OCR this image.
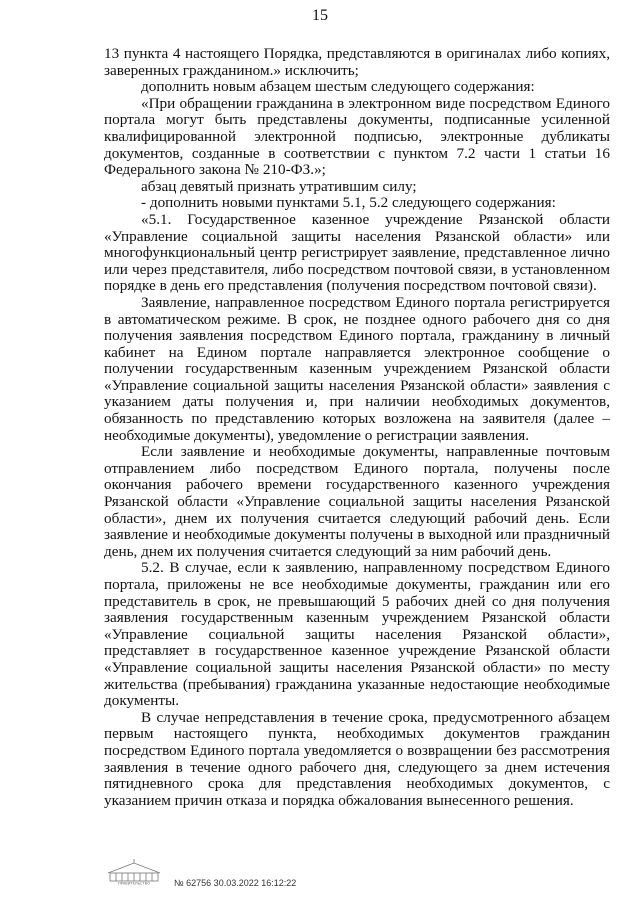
15

13 пункта 4 настоящего Порядка, представляются в оригиналах либо копиях, заверенных гражданином.» исключить;

дополнить новым абзацем шестым следующего содержания:

«При обращении гражданина в электронном виде посредством Единого портала могут быть представлены документы, подписанные усиленной квалифицированной электронной подписью, электронные дубликаты документов, созданные в соответствии с пунктом 7.2 части 1 статьи 16 Федерального закона № 210-ФЗ.»;

абзац девятый признать утратившим силу;

- дополнить новыми пунктами 5.1, 5.2 следующего содержания:

«5.1. Государственное казенное учреждение Рязанской области «Управление социальной защиты населения Рязанской области» или многофункциональный центр регистрирует заявление, представленное лично или через представителя, либо посредством почтовой связи, в установленном порядке в день его представления (получения посредством почтовой связи).

Заявление, направленное посредством Единого портала регистрируется в автоматическом режиме. В срок, не позднее одного рабочего дня со дня получения заявления посредством Единого портала, гражданину в личный кабинет на Едином портале направляется электронное сообщение о получении государственным казенным учреждением Рязанской области «Управление социальной защиты населения Рязанской области» заявления с указанием даты получения и, при наличии необходимых документов, обязанность по представлению которых возложена на заявителя (далее – необходимые документы), уведомление о регистрации заявления.

Если заявление и необходимые документы, направленные почтовым отправлением либо посредством Единого портала, получены после окончания рабочего времени государственного казенного учреждения Рязанской области «Управление социальной защиты населения Рязанской области», днем их получения считается следующий рабочий день. Если заявление и необходимые документы получены в выходной или праздничный день, днем их получения считается следующий за ним рабочий день.

5.2. В случае, если к заявлению, направленному посредством Единого портала, приложены не все необходимые документы, гражданин или его представитель в срок, не превышающий 5 рабочих дней со дня получения заявления государственным казенным учреждением Рязанской области «Управление социальной защиты населения Рязанской области», представляет в государственное казенное учреждение Рязанской области «Управление социальной защиты населения Рязанской области» по месту жительства (пребывания) гражданина указанные недостающие необходимые документы.

В случае непредставления в течение срока, предусмотренного абзацем первым настоящего пункта, необходимых документов гражданин посредством Единого портала уведомляется о возвращении без рассмотрения заявления в течение одного рабочего дня, следующего за днем истечения пятидневного срока для представления необходимых документов, с указанием причин отказа и порядка обжалования вынесенного решения.

ПРАВИТЕЛЬСТВО	№ 62756 30.03.2022 16:12:22
